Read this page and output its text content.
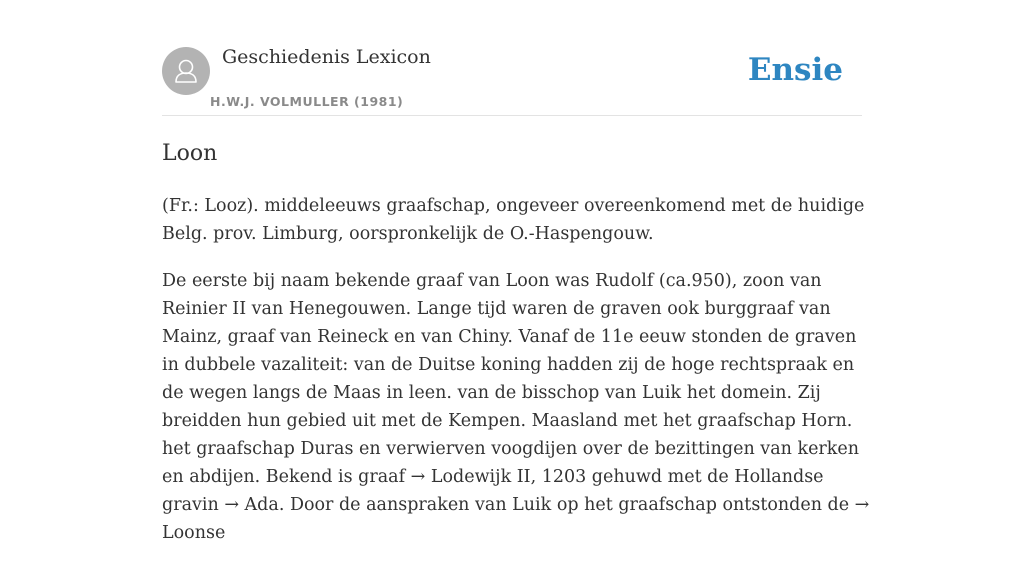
Geschiedenis Lexicon
H.W.J. VOLMULLER (1981)
Ensie
Loon

(Fr.: Looz). middeleeuws graafschap, ongeveer overeenkomend met de huidige Belg. prov. Limburg, oorspronkelijk de O.-Haspengouw.

De eerste bij naam bekende graaf van Loon was Rudolf (ca.950), zoon van Reinier II van Henegouwen. Lange tijd waren de graven ook burggraaf van Mainz, graaf van Reineck en van Chiny. Vanaf de 11e eeuw stonden de graven in dubbele vazaliteit: van de Duitse koning hadden zij de hoge rechtspraak en de wegen langs de Maas in leen. van de bisschop van Luik het domein. Zij breidden hun gebied uit met de Kempen. Maasland met het graafschap Horn. het graafschap Duras en verwierven voogdijen over de bezittingen van kerken en abdijen. Bekend is graaf → Lodewijk II, 1203 gehuwd met de Hollandse gravin → Ada. Door de aanspraken van Luik op het graafschap ontstonden de → Loonse
